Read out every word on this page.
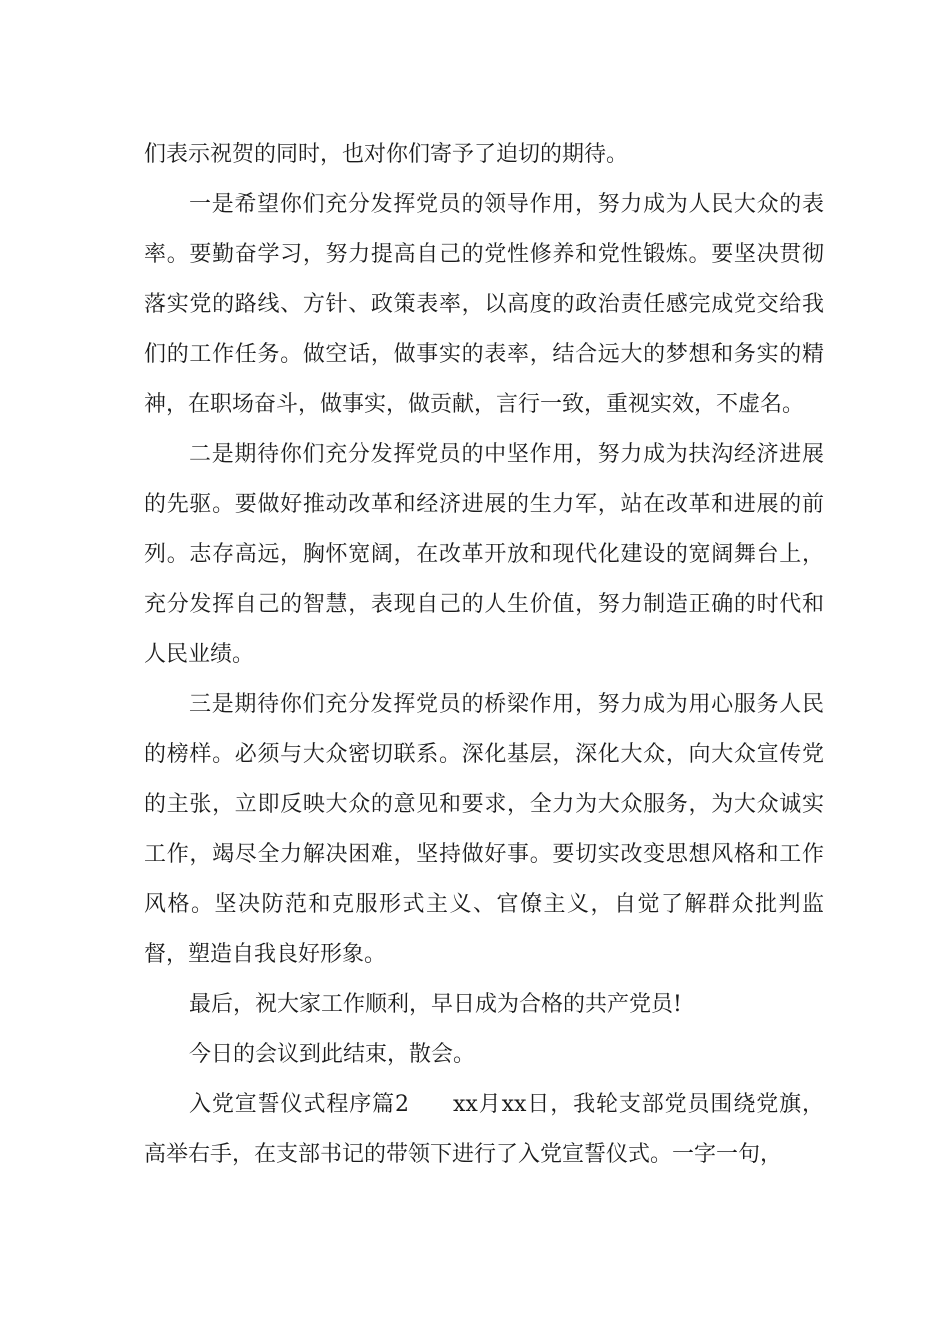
们表示祝贺的同时，也对你们寄予了迫切的期待。

一是希望你们充分发挥党员的领导作用，努力成为人民大众的表率。要勤奋学习，努力提高自己的党性修养和党性锻炼。要坚决贯彻落实党的路线、方针、政策表率，以高度的政治责任感完成党交给我们的工作任务。做空话，做事实的表率，结合远大的梦想和务实的精神，在职场奋斗，做事实，做贡献，言行一致，重视实效，不虚名。

二是期待你们充分发挥党员的中坚作用，努力成为扶沟经济进展的先驱。要做好推动改革和经济进展的生力军，站在改革和进展的前列。志存高远，胸怀宽阔，在改革开放和现代化建设的宽阔舞台上，充分发挥自己的智慧，表现自己的人生价值，努力制造正确的时代和人民业绩。

三是期待你们充分发挥党员的桥梁作用，努力成为用心服务人民的榜样。必须与大众密切联系。深化基层，深化大众，向大众宣传党的主张，立即反映大众的意见和要求，全力为大众服务，为大众诚实工作，竭尽全力解决困难，坚持做好事。要切实改变思想风格和工作风格。坚决防范和克服形式主义、官僚主义，自觉了解群众批判监督，塑造自我良好形象。

最后，祝大家工作顺利，早日成为合格的共产党员!

今日的会议到此结束，散会。

入党宣誓仪式程序篇2 xx月xx日，我轮支部党员围绕党旗，高举右手，在支部书记的带领下进行了入党宣誓仪式。一字一句，
